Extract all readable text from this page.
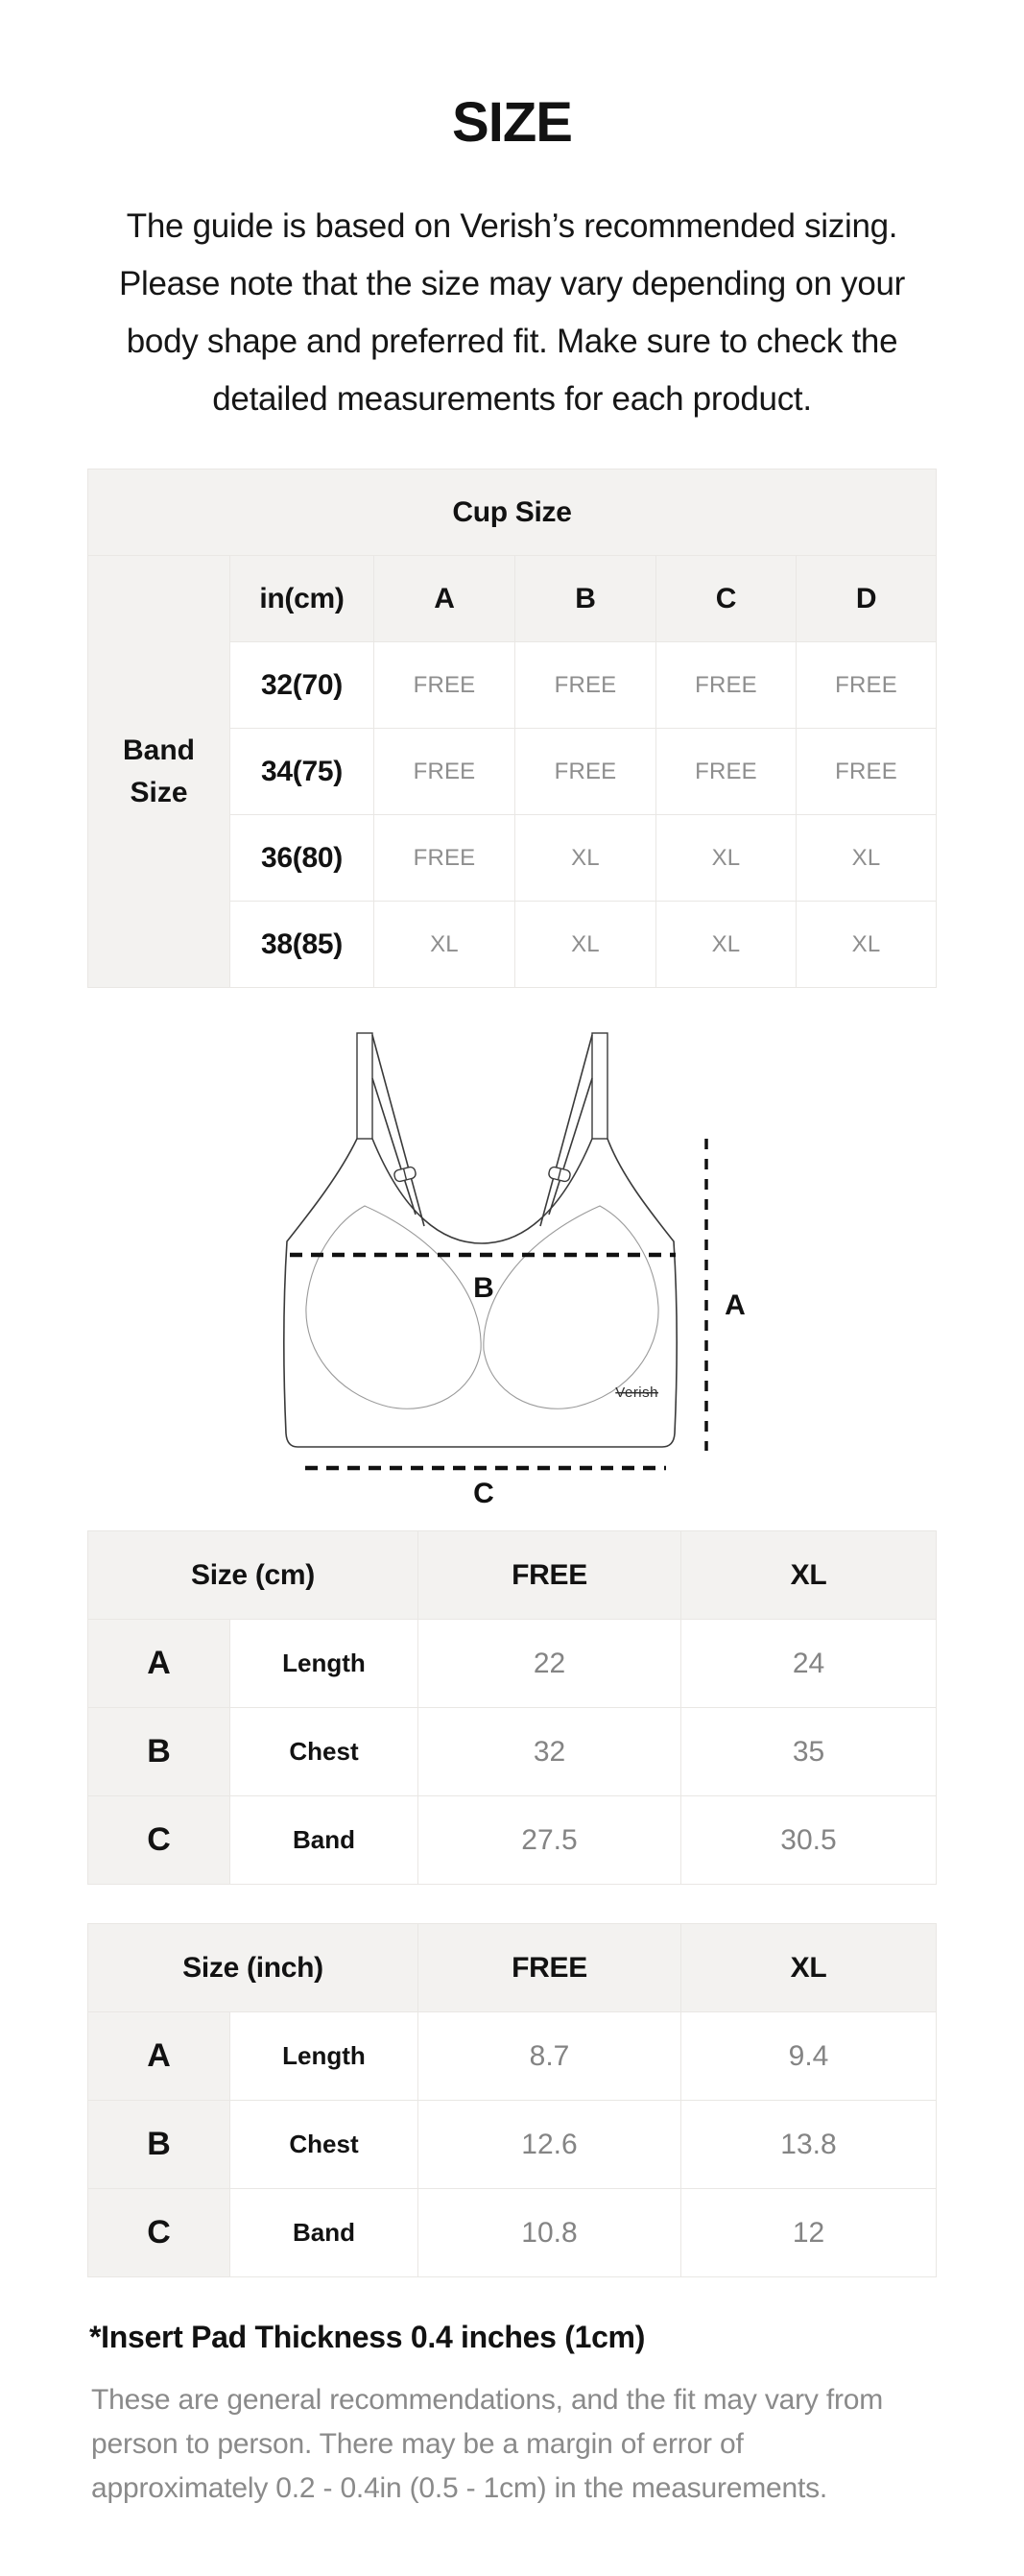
SIZE
The guide is based on Verish’s recommended sizing.
Please note that the size may vary depending on your
body shape and preferred fit. Make sure to check the
detailed measurements for each product.
Cup Size					
Band Size	in(cm)	A	B	C	D
	32(70)	FREE	FREE	FREE	FREE
	34(75)	FREE	FREE	FREE	FREE
	36(80)	FREE	XL	XL	XL
	38(85)	XL	XL	XL	XL
B
A
C
Verish
Size (cm)		FREE	XL
A	Length	22	24
B	Chest	32	35
C	Band	27.5	30.5
Size (inch)		FREE	XL
A	Length	8.7	9.4
B	Chest	12.6	13.8
C	Band	10.8	12
*Insert Pad Thickness 0.4 inches (1cm)
These are general recommendations, and the fit may vary from
person to person. There may be a margin of error of
approximately 0.2 - 0.4in (0.5 - 1cm) in the measurements.
